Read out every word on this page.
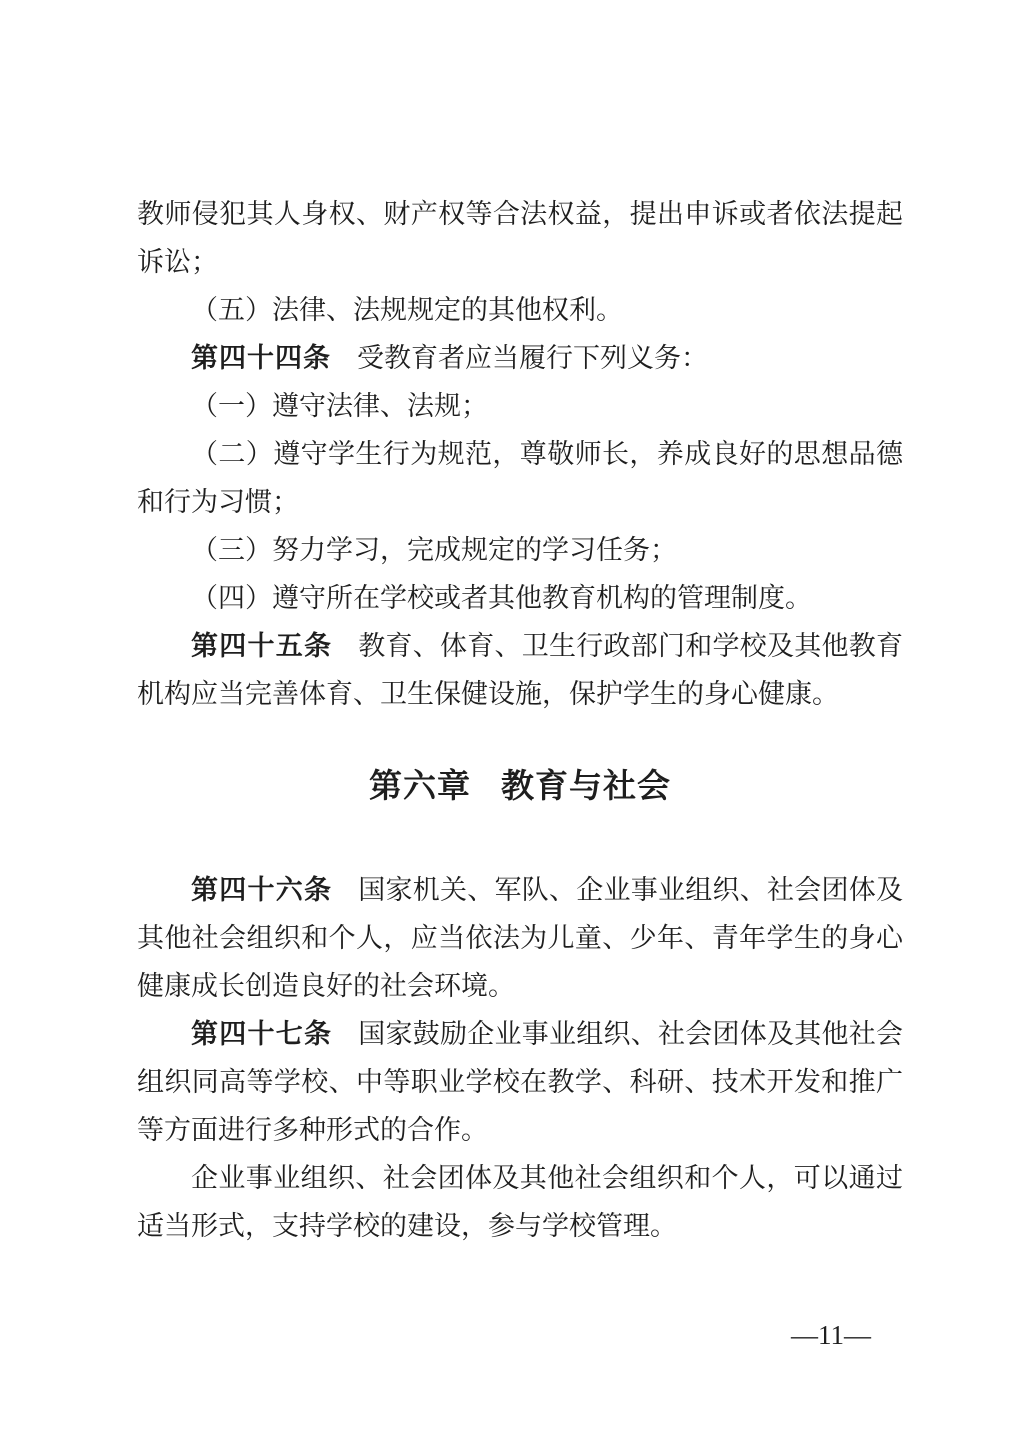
教师侵犯其人身权、财产权等合法权益，提出申诉或者依法提起诉讼；

（五）法律、法规规定的其他权利。

第四十四条 受教育者应当履行下列义务：

（一）遵守法律、法规；

（二）遵守学生行为规范，尊敬师长，养成良好的思想品德和行为习惯；

（三）努力学习，完成规定的学习任务；

（四）遵守所在学校或者其他教育机构的管理制度。

第四十五条 教育、体育、卫生行政部门和学校及其他教育机构应当完善体育、卫生保健设施，保护学生的身心健康。

第六章 教育与社会

第四十六条 国家机关、军队、企业事业组织、社会团体及其他社会组织和个人，应当依法为儿童、少年、青年学生的身心健康成长创造良好的社会环境。

第四十七条 国家鼓励企业事业组织、社会团体及其他社会组织同高等学校、中等职业学校在教学、科研、技术开发和推广等方面进行多种形式的合作。

企业事业组织、社会团体及其他社会组织和个人，可以通过适当形式，支持学校的建设，参与学校管理。

—11—
